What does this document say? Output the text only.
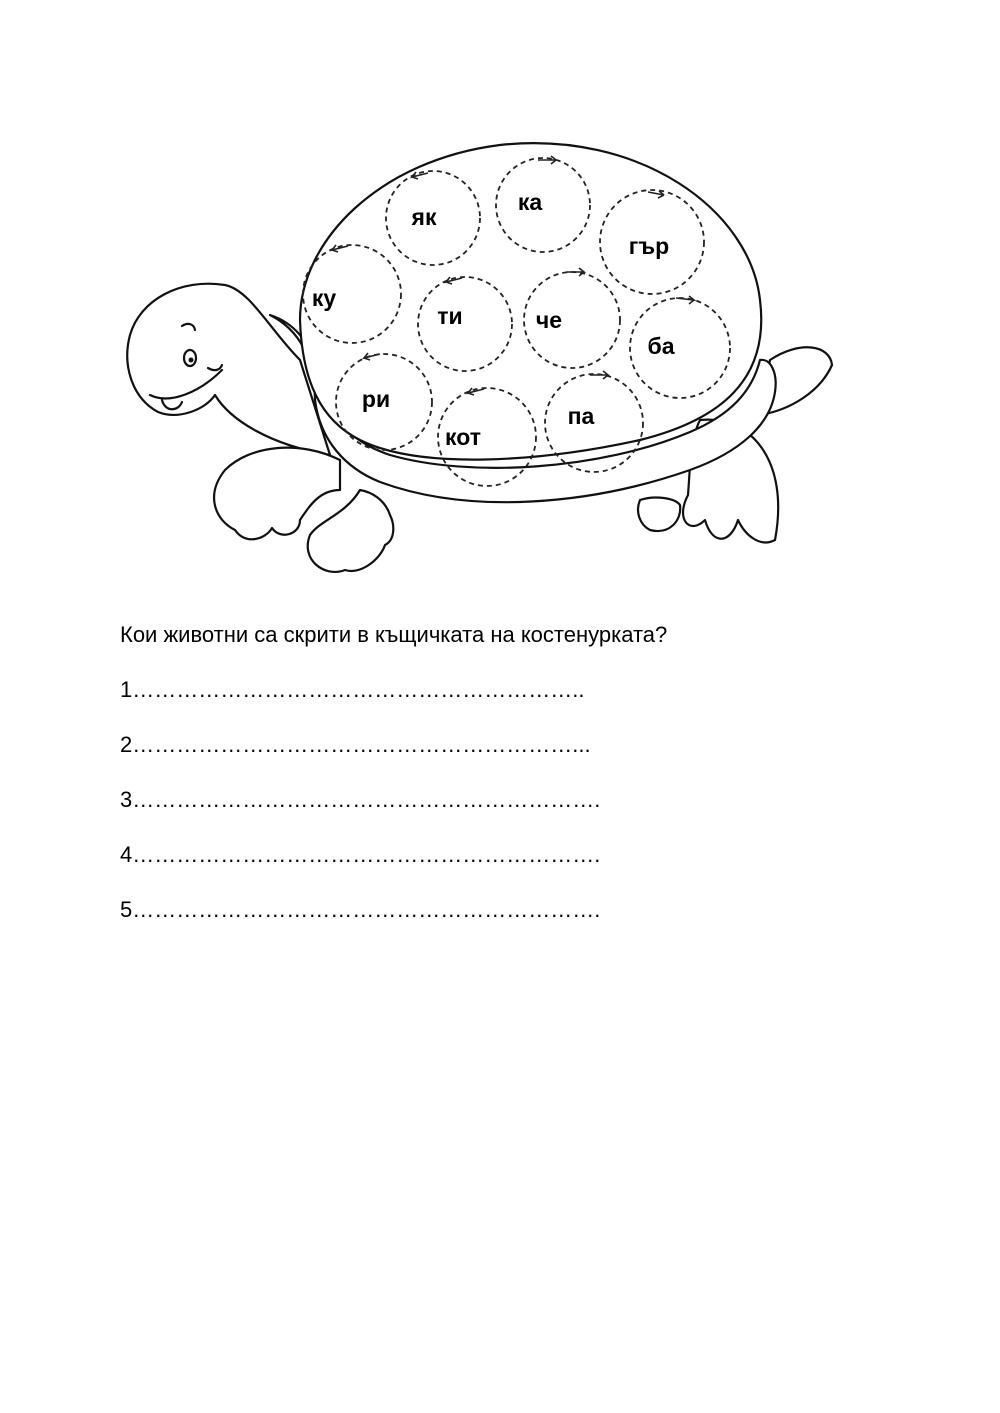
як
ка
гър
ку
ти	че
ба
ри
кот
па
Кои животни са скрити в къщичката на костенурката?
1……………………………………………………..
2……………………………………………………...
3……………………………………………………….
4……………………………………………………….
5……………………………………………………….
